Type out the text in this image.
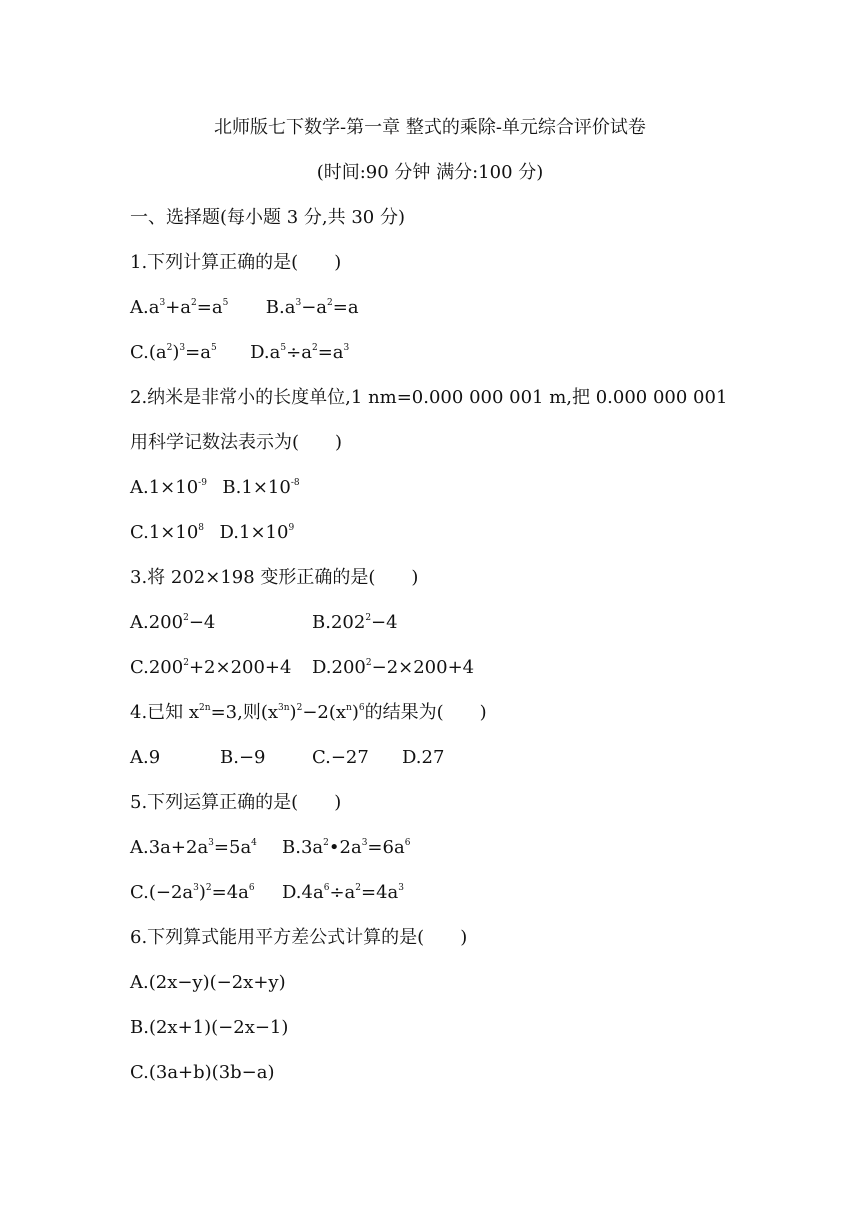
北师版七下数学-第一章 整式的乘除-单元综合评价试卷
(时间:90 分钟 满分:100 分)
一、选择题(每小题 3 分,共 30 分)
1.下列计算正确的是(　　)
$A.a^3+a^2=a^5$ $B.a^3-a^2=a$
$C.(a^2)^3=a^5$ $D.a^5\div a^2=a^3$
2.纳米是非常小的长度单位,1 nm=0.000 000 001 m,把 0.000 000 001
用科学记数法表示为(　　)
$A.1\times 10^{-9}$ $B.1\times 10^{-8}$
$C.1\times 10^8$ $D.1\times 10^9$
3.将 202×198 变形正确的是(　　)
$A.200^2-4$	$B.202^2-4$
$C.200^2+2\times 200+4$ $D.200^2-2\times 200+4$
4.已知 $x^{2n}=3$,则$(x^{3n})^2-2(x^n)^6$的结果为(　　)
A.9	B.−9	C.−27 D.27
5.下列运算正确的是(　　)
$A.3a+2a^3=5a^4$ $B.3a^2•2a^3=6a^6$
$C.(-2a^3)^2=4a^6$ $D.4a^6\div a^2=4a^3$
6.下列算式能用平方差公式计算的是(　　)
A.(2x−y)(−2x+y)
B.(2x+1)(−2x−1)
C.(3a+b)(3b−a)
